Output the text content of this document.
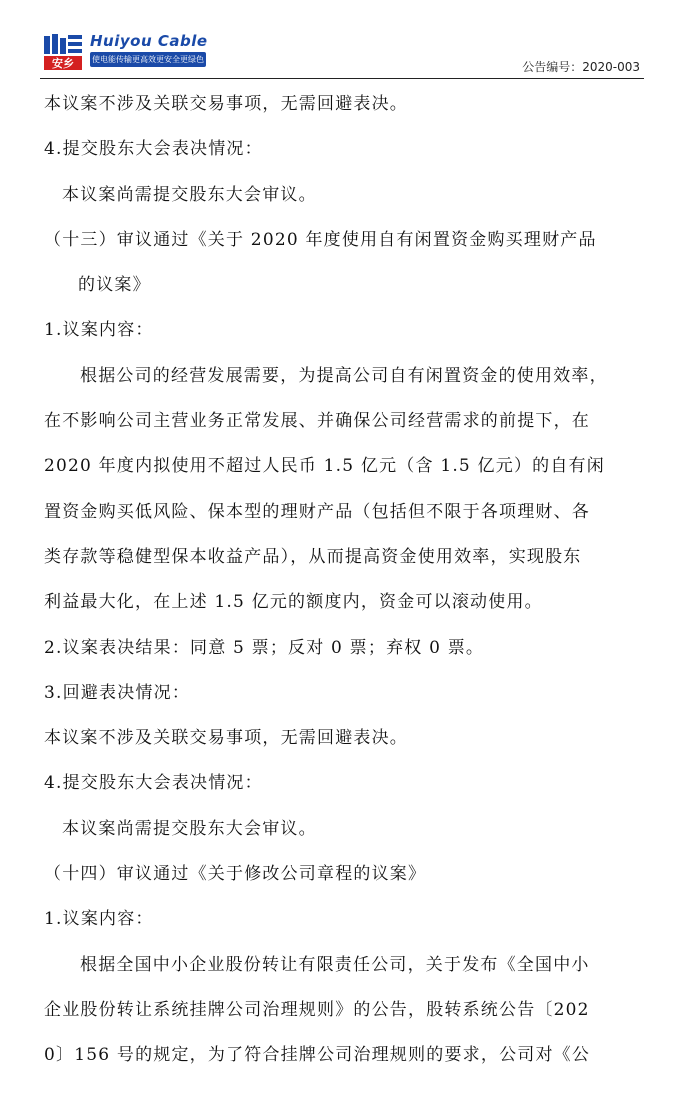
安乡
Huiyou Cable
使电能传输更高效更安全更绿色
公告编号：2020-003
本议案不涉及关联交易事项，无需回避表决。
4.提交股东大会表决情况：
本议案尚需提交股东大会审议。
（十三）审议通过《关于 2020 年度使用自有闲置资金购买理财产品
的议案》
1.议案内容：
根据公司的经营发展需要，为提高公司自有闲置资金的使用效率，
在不影响公司主营业务正常发展、并确保公司经营需求的前提下，在
2020 年度内拟使用不超过人民币 1.5 亿元（含 1.5 亿元）的自有闲
置资金购买低风险、保本型的理财产品（包括但不限于各项理财、各
类存款等稳健型保本收益产品），从而提高资金使用效率，实现股东
利益最大化，在上述 1.5 亿元的额度内，资金可以滚动使用。
2.议案表决结果：同意 5 票；反对 0 票；弃权 0 票。
3.回避表决情况：
本议案不涉及关联交易事项，无需回避表决。
4.提交股东大会表决情况：
本议案尚需提交股东大会审议。
（十四）审议通过《关于修改公司章程的议案》
1.议案内容：
根据全国中小企业股份转让有限责任公司，关于发布《全国中小
企业股份转让系统挂牌公司治理规则》的公告，股转系统公告〔202
0〕156 号的规定，为了符合挂牌公司治理规则的要求，公司对《公
